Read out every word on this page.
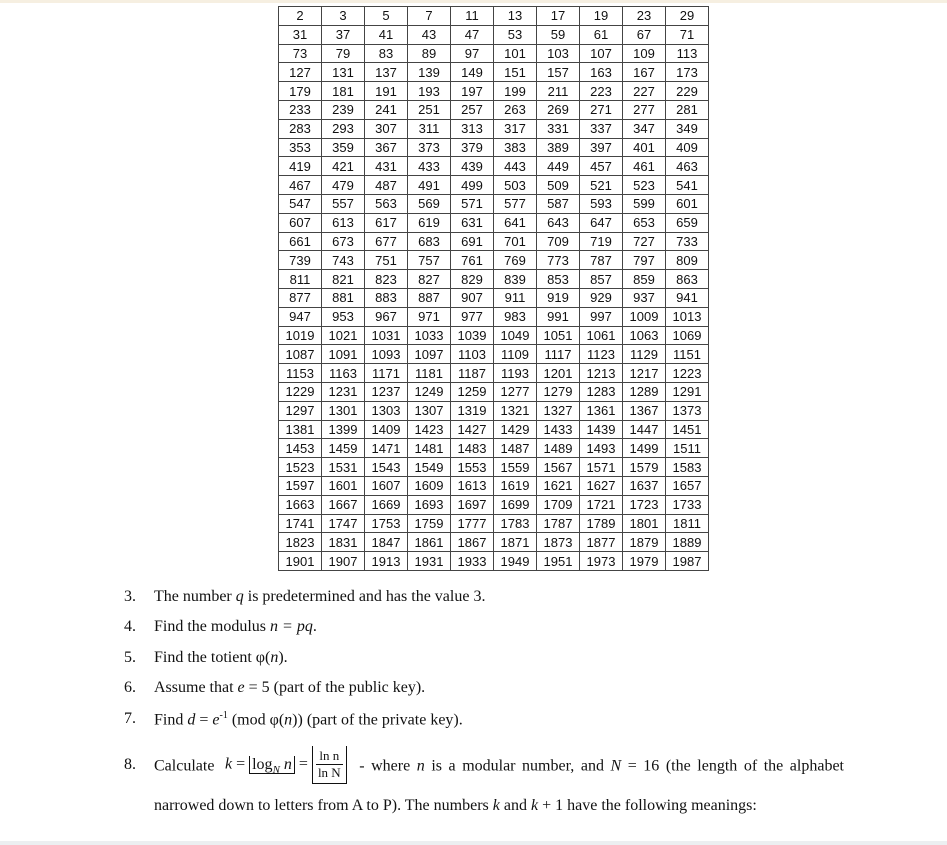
2	3	5	7	11	13	17	19	23	29
31	37	41	43	47	53	59	61	67	71
73	79	83	89	97	101	103	107	109	113
127	131	137	139	149	151	157	163	167	173
179	181	191	193	197	199	211	223	227	229
233	239	241	251	257	263	269	271	277	281
283	293	307	311	313	317	331	337	347	349
353	359	367	373	379	383	389	397	401	409
419	421	431	433	439	443	449	457	461	463
467	479	487	491	499	503	509	521	523	541
547	557	563	569	571	577	587	593	599	601
607	613	617	619	631	641	643	647	653	659
661	673	677	683	691	701	709	719	727	733
739	743	751	757	761	769	773	787	797	809
811	821	823	827	829	839	853	857	859	863
877	881	883	887	907	911	919	929	937	941
947	953	967	971	977	983	991	997	1009	1013
1019	1021	1031	1033	1039	1049	1051	1061	1063	1069
1087	1091	1093	1097	1103	1109	1117	1123	1129	1151
1153	1163	1171	1181	1187	1193	1201	1213	1217	1223
1229	1231	1237	1249	1259	1277	1279	1283	1289	1291
1297	1301	1303	1307	1319	1321	1327	1361	1367	1373
1381	1399	1409	1423	1427	1429	1433	1439	1447	1451
1453	1459	1471	1481	1483	1487	1489	1493	1499	1511
1523	1531	1543	1549	1553	1559	1567	1571	1579	1583
1597	1601	1607	1609	1613	1619	1621	1627	1637	1657
1663	1667	1669	1693	1697	1699	1709	1721	1723	1733
1741	1747	1753	1759	1777	1783	1787	1789	1801	1811
1823	1831	1847	1861	1867	1871	1873	1877	1879	1889
1901	1907	1913	1931	1933	1949	1951	1973	1979	1987
3. The number q is predetermined and has the value 3.
4. Find the modulus n = pq.
5. Find the totient φ(n).
6. Assume that e = 5 (part of the public key).
7. Find $d = e^{-1}$ (mod φ(n)) (part of the private key).
8. Calculate $k = \log_N n = \frac{\text{ln n}}{\text{ln N}}$ - where n is a modular number, and N = 16 (the length of the alphabet narrowed down to letters from A to P). The numbers k and k + 1 have the following meanings:
